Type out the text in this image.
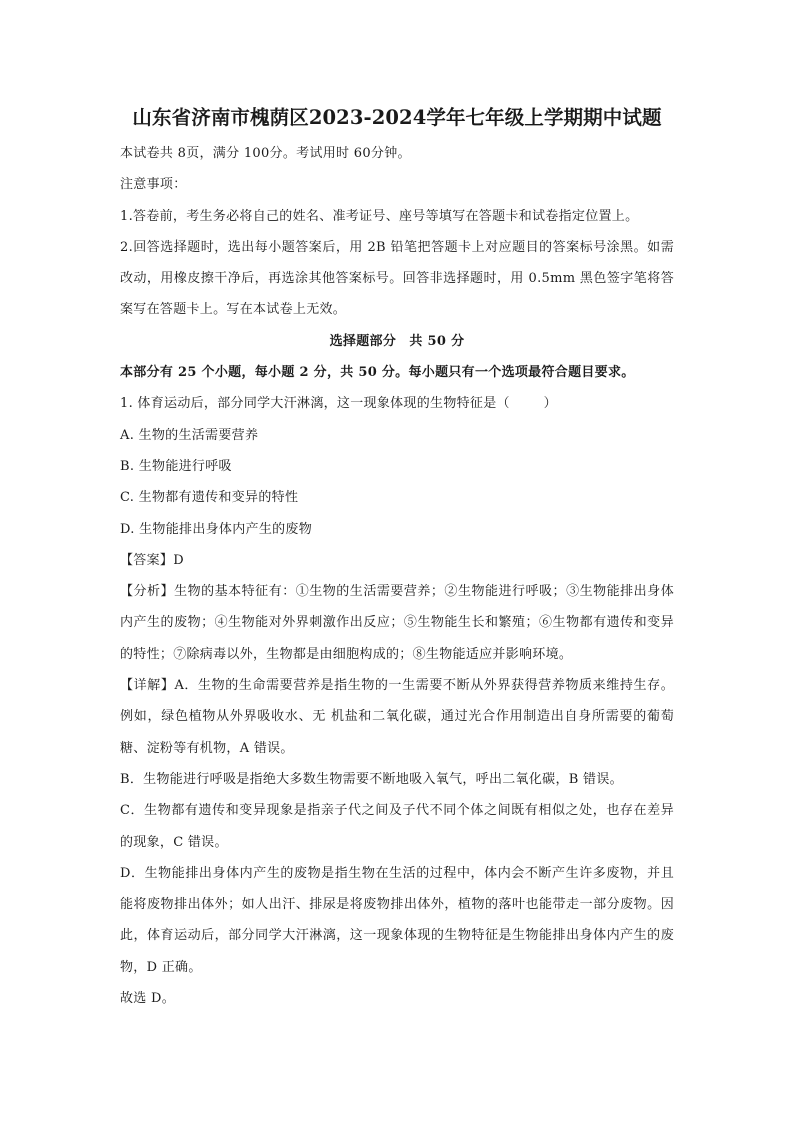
山东省济南市槐荫区2023-2024学年七年级上学期期中试题

本试卷共 8页，满分 100分。考试用时 60分钟。

注意事项：

1.答卷前，考生务必将自己的姓名、准考证号、座号等填写在答题卡和试卷指定位置上。

2.回答选择题时，选出每小题答案后，用 2B 铅笔把答题卡上对应题目的答案标号涂黑。如需改动，用橡皮擦干净后，再选涂其他答案标号。回答非选择题时，用 0.5mm 黑色签字笔将答案写在答题卡上。写在本试卷上无效。

选择题部分　共 50 分

本部分有 25 个小题，每小题 2 分，共 50 分。每小题只有一个选项最符合题目要求。

1. 体育运动后，部分同学大汗淋漓，这一现象体现的生物特征是（	）

A. 生物的生活需要营养

B. 生物能进行呼吸

C. 生物都有遗传和变异的特性

D. 生物能排出身体内产生的废物

【答案】D

【分析】生物的基本特征有：①生物的生活需要营养；②生物能进行呼吸；③生物能排出身体内产生的废物；④生物能对外界刺激作出反应；⑤生物能生长和繁殖；⑥生物都有遗传和变异的特性；⑦除病毒以外，生物都是由细胞构成的；⑧生物能适应并影响环境。

【详解】A．生物的生命需要营养是指生物的一生需要不断从外界获得营养物质来维持生存。例如，绿色植物从外界吸收水、无 机盐和二氧化碳，通过光合作用制造出自身所需要的葡萄糖、淀粉等有机物，A 错误。

B．生物能进行呼吸是指绝大多数生物需要不断地吸入氧气，呼出二氧化碳，B 错误。

C．生物都有遗传和变异现象是指亲子代之间及子代不同个体之间既有相似之处，也存在差异的现象，C 错误。

D．生物能排出身体内产生的废物是指生物在生活的过程中，体内会不断产生许多废物，并且能将废物排出体外；如人出汗、排尿是将废物排出体外，植物的落叶也能带走一部分废物。因此，体育运动后，部分同学大汗淋漓，这一现象体现的生物特征是生物能排出身体内产生的废物，D 正确。

故选 D。
